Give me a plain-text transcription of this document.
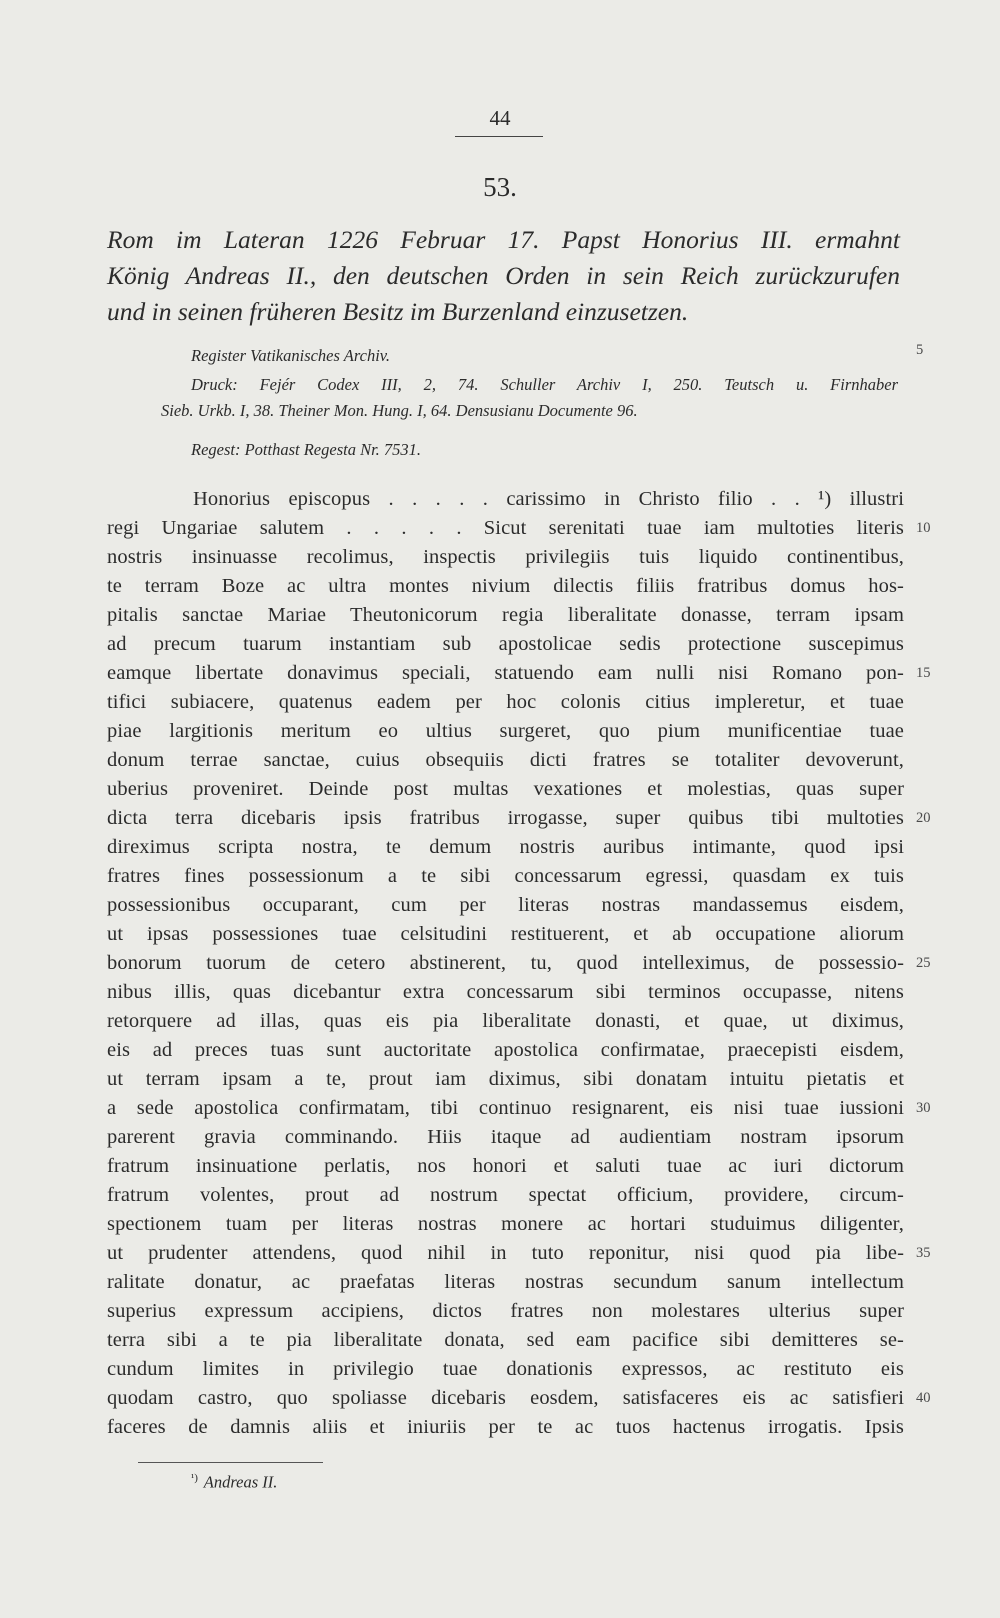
44
53.
Rom im Lateran 1226 Februar 17. Papst Honorius III. ermahnt
König Andreas II., den deutschen Orden in sein Reich zurückzurufen
und in seinen früheren Besitz im Burzenland einzusetzen.
Register Vatikanisches Archiv.
Druck: Fejér Codex III, 2, 74. Schuller Archiv I, 250. Teutsch u. Firnhaber
Sieb. Urkb. I, 38. Theiner Mon. Hung. I, 64. Densusianu Documente 96.
Regest: Potthast Regesta Nr. 7531.
Honorius episcopus . . . . . carissimo in Christo filio . . ¹) illustri
regi Ungariae salutem . . . . . Sicut serenitati tuae iam multoties literis
nostris insinuasse recolimus, inspectis privilegiis tuis liquido continentibus,
te terram Boze ac ultra montes nivium dilectis filiis fratribus domus hos-
pitalis sanctae Mariae Theutonicorum regia liberalitate donasse, terram ipsam
ad precum tuarum instantiam sub apostolicae sedis protectione suscepimus
eamque libertate donavimus speciali, statuendo eam nulli nisi Romano pon-
tifici subiacere, quatenus eadem per hoc colonis citius impleretur, et tuae
piae largitionis meritum eo ultius surgeret, quo pium munificentiae tuae
donum terrae sanctae, cuius obsequiis dicti fratres se totaliter devoverunt,
uberius proveniret. Deinde post multas vexationes et molestias, quas super
dicta terra dicebaris ipsis fratribus irrogasse, super quibus tibi multoties
direximus scripta nostra, te demum nostris auribus intimante, quod ipsi
fratres fines possessionum a te sibi concessarum egressi, quasdam ex tuis
possessionibus occuparant, cum per literas nostras mandassemus eisdem,
ut ipsas possessiones tuae celsitudini restituerent, et ab occupatione aliorum
bonorum tuorum de cetero abstinerent, tu, quod intelleximus, de possessio-
nibus illis, quas dicebantur extra concessarum sibi terminos occupasse, nitens
retorquere ad illas, quas eis pia liberalitate donasti, et quae, ut diximus,
eis ad preces tuas sunt auctoritate apostolica confirmatae, praecepisti eisdem,
ut terram ipsam a te, prout iam diximus, sibi donatam intuitu pietatis et
a sede apostolica confirmatam, tibi continuo resignarent, eis nisi tuae iussioni
parerent gravia comminando. Hiis itaque ad audientiam nostram ipsorum
fratrum insinuatione perlatis, nos honori et saluti tuae ac iuri dictorum
fratrum volentes, prout ad nostrum spectat officium, providere, circum-
spectionem tuam per literas nostras monere ac hortari studuimus diligenter,
ut prudenter attendens, quod nihil in tuto reponitur, nisi quod pia libe-
ralitate donatur, ac praefatas literas nostras secundum sanum intellectum
superius expressum accipiens, dictos fratres non molestares ulterius super
terra sibi a te pia liberalitate donata, sed eam pacifice sibi demitteres se-
cundum limites in privilegio tuae donationis expressos, ac restituto eis
quodam castro, quo spoliasse dicebaris eosdem, satisfaceres eis ac satisfieri
faceres de damnis aliis et iniuriis per te ac tuos hactenus irrogatis. Ipsis
5
10
15
20
25
30
35
40
$^{^1)}$ Andreas II.
